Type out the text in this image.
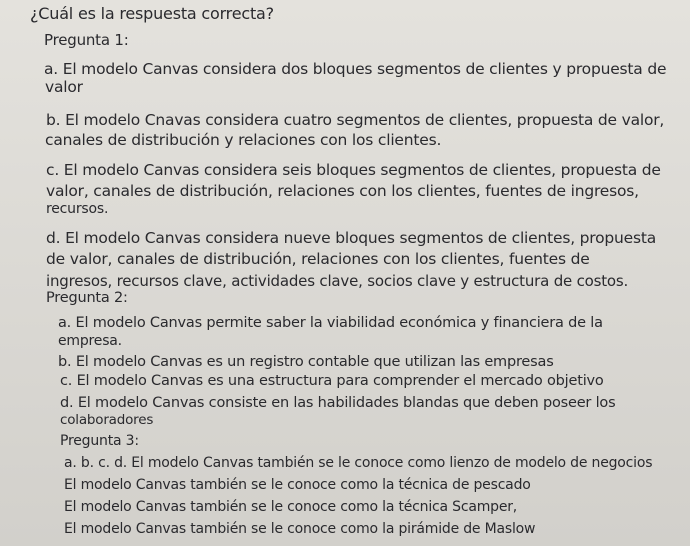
¿Cuál es la respuesta correcta?
Pregunta 1:
a. El modelo Canvas considera dos bloques segmentos de clientes y propuesta de
valor
b. El modelo Cnavas considera cuatro segmentos de clientes, propuesta de valor,
canales de distribución y relaciones con los clientes.
c. El modelo Canvas considera seis bloques segmentos de clientes, propuesta de
valor, canales de distribución, relaciones con los clientes, fuentes de ingresos,
recursos.
d. El modelo Canvas considera nueve bloques segmentos de clientes, propuesta
de valor, canales de distribución, relaciones con los clientes, fuentes de
ingresos, recursos clave, actividades clave, socios clave y estructura de costos.
Pregunta 2:
a. El modelo Canvas permite saber la viabilidad económica y financiera de la
empresa.
b. El modelo Canvas es un registro contable que utilizan las empresas
c. El modelo Canvas es una estructura para comprender el mercado objetivo
d. El modelo Canvas consiste en las habilidades blandas que deben poseer los
colaboradores
Pregunta 3:
a. b. c. d. El modelo Canvas también se le conoce como lienzo de modelo de negocios
El modelo Canvas también se le conoce como la técnica de pescado
El modelo Canvas también se le conoce como la técnica Scamper,
El modelo Canvas también se le conoce como la pirámide de Maslow
